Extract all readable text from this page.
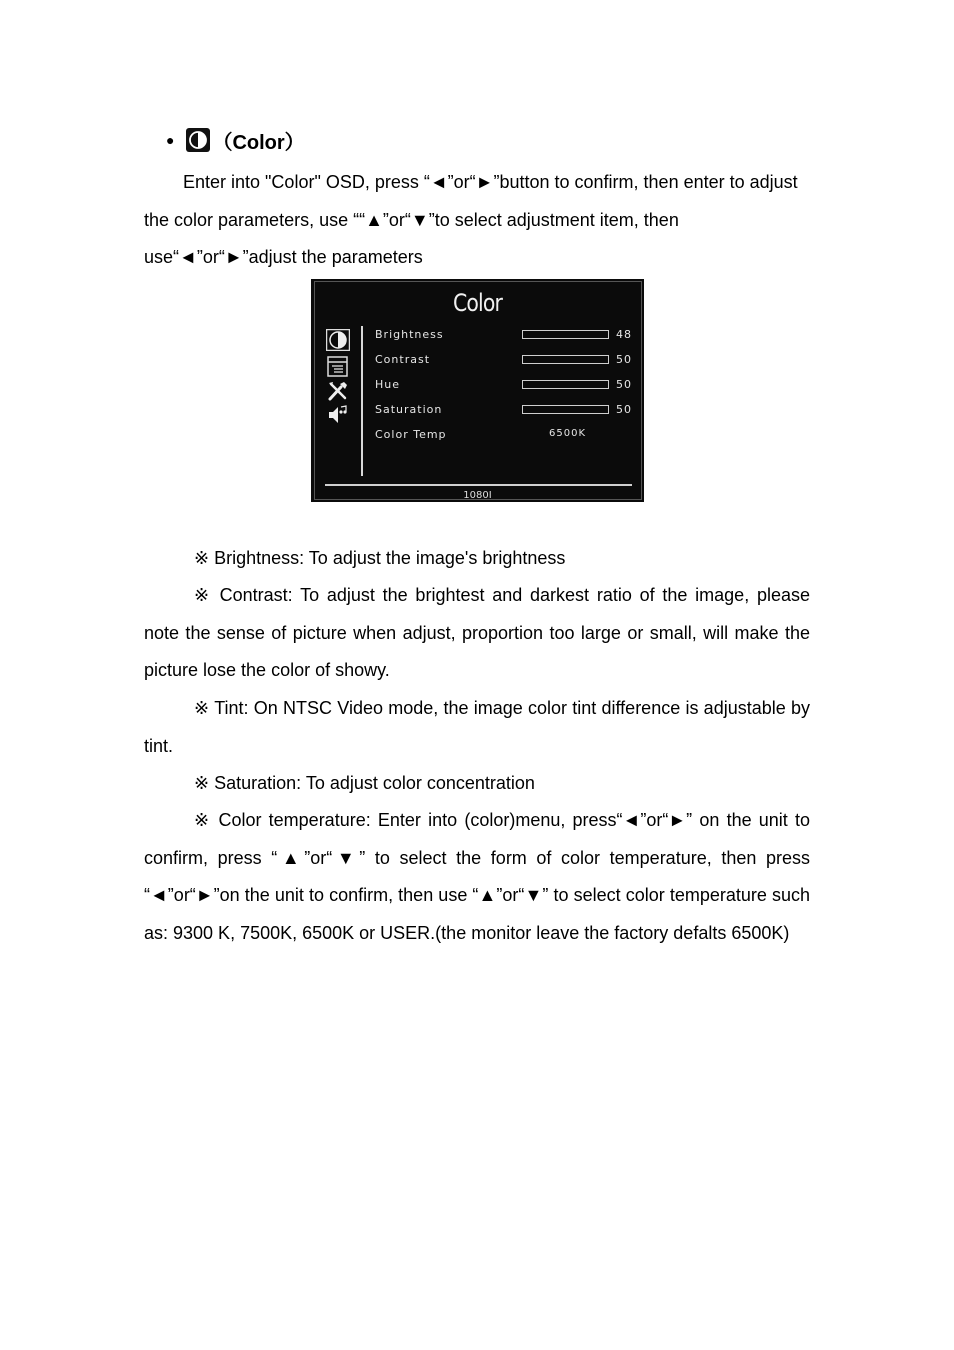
● （Color）

Enter into "Color" OSD, press “◄”or“►”button to confirm, then enter to adjust the color parameters, use ““▲”or“▼”to select adjustment item, then use“◄”or“►”adjust the parameters

Color
Brightness	48
Contrast	50
Hue	50
Saturation	50
Color Temp	6500K
1080I

※ Brightness: To adjust the image's brightness

※ Contrast: To adjust the brightest and darkest ratio of the image, please note the sense of picture when adjust, proportion too large or small, will make the picture lose the color of showy.

※ Tint: On NTSC Video mode, the image color tint difference is adjustable by tint.

※ Saturation: To adjust color concentration

※ Color temperature: Enter into (color)menu, press“◄”or“►” on the unit to confirm, press “▲”or“▼” to select the form of color temperature, then press “◄”or“►”on the unit to confirm, then use “▲”or“▼” to select color temperature such as: 9300 K, 7500K, 6500K or USER.(the monitor leave the factory defalts 6500K)
